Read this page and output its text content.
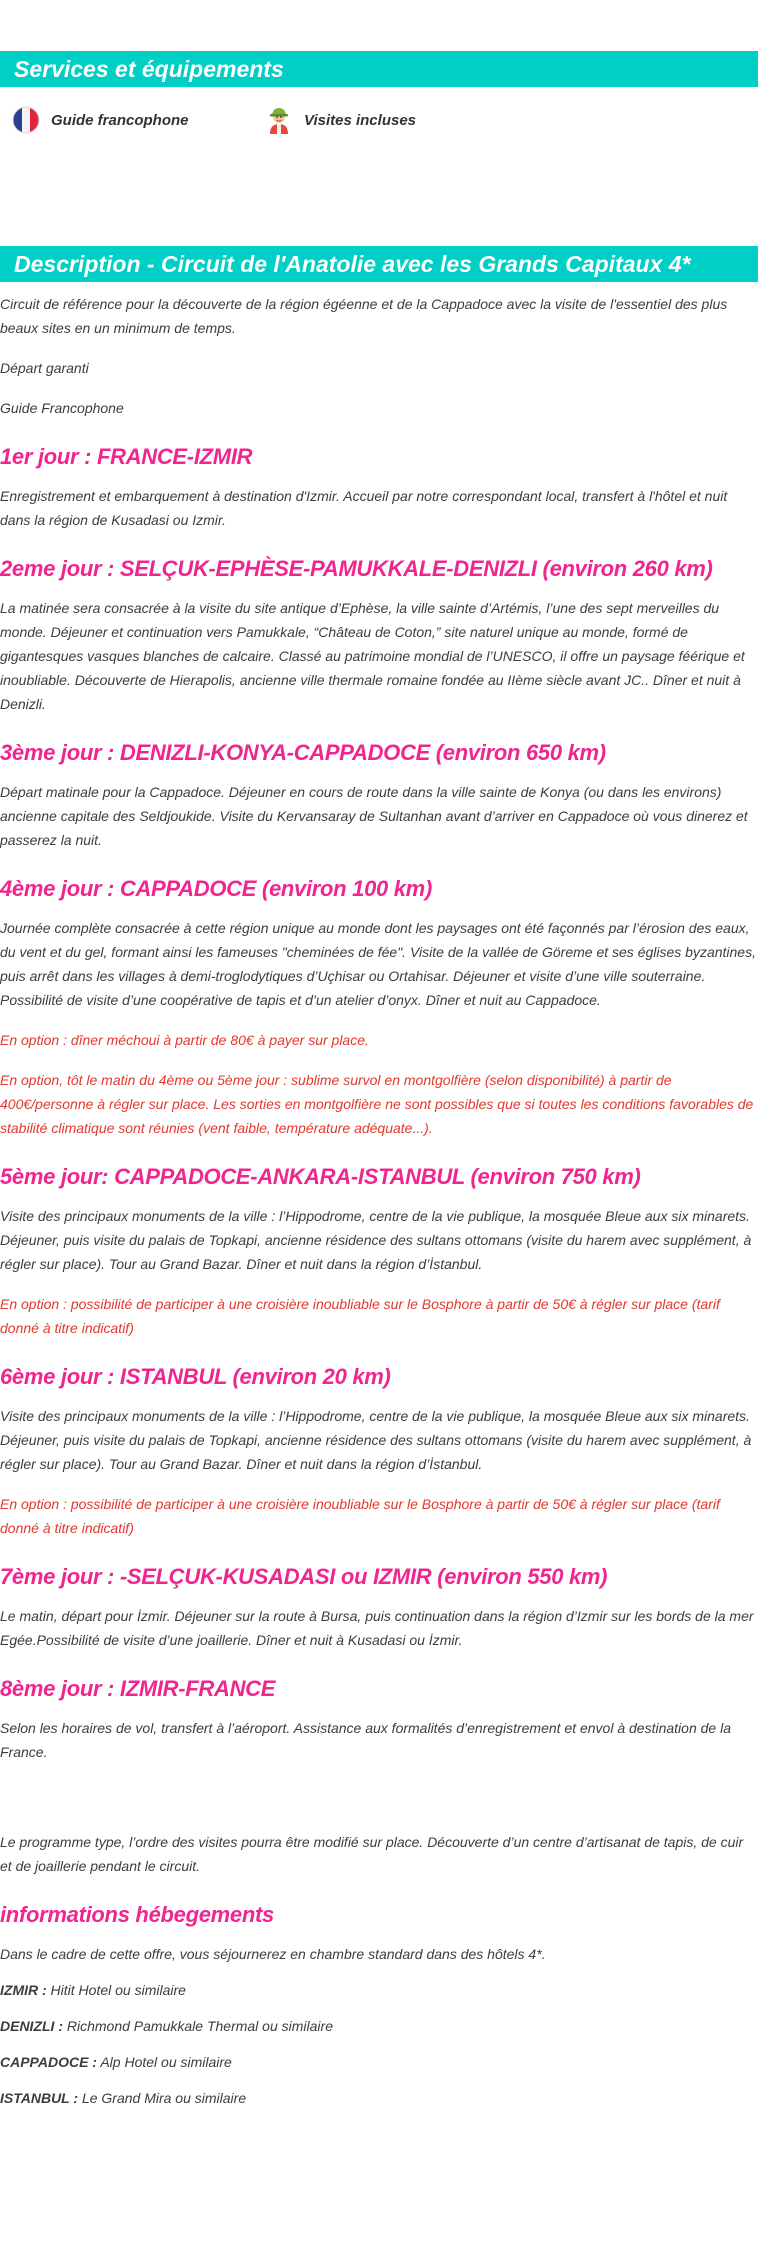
Services et équipements
Guide francophone	Visites incluses
Description - Circuit de l'Anatolie avec les Grands Capitaux 4*

Circuit de référence pour la découverte de la région égéenne et de la Cappadoce avec la visite de l'essentiel des plus beaux sites en un minimum de temps.

Départ garanti

Guide Francophone

1er jour : FRANCE-IZMIR

Enregistrement et embarquement à destination d'Izmir. Accueil par notre correspondant local, transfert à l'hôtel et nuit dans la région de Kusadasi ou Izmir.

2eme jour : SELÇUK-EPHÈSE-PAMUKKALE-DENIZLI (environ 260 km)

La matinée sera consacrée à la visite du site antique d’Ephèse, la ville sainte d’Artémis, l’une des sept merveilles du monde. Déjeuner et continuation vers Pamukkale, “Château de Coton,” site naturel unique au monde, formé de gigantesques vasques blanches de calcaire. Classé au patrimoine mondial de l’UNESCO, il offre un paysage féérique et inoubliable. Découverte de Hierapolis, ancienne ville thermale romaine fondée au IIème siècle avant JC.. Dîner et nuit à Denizli.

3ème jour : DENIZLI-KONYA-CAPPADOCE (environ 650 km)

Départ matinale pour la Cappadoce. Déjeuner en cours de route dans la ville sainte de Konya (ou dans les environs) ancienne capitale des Seldjoukide. Visite du Kervansaray de Sultanhan avant d’arriver en Cappadoce où vous dinerez et passerez la nuit.

4ème jour : CAPPADOCE (environ 100 km)

Journée complète consacrée à cette région unique au monde dont les paysages ont été façonnés par l’érosion des eaux, du vent et du gel, formant ainsi les fameuses "cheminées de fée". Visite de la vallée de Göreme et ses églises byzantines, puis arrêt dans les villages à demi-troglodytiques d’Uçhisar ou Ortahisar. Déjeuner et visite d’une ville souterraine. Possibilité de visite d’une coopérative de tapis et d’un atelier d’onyx. Dîner et nuit au Cappadoce.

En option : dîner méchoui à partir de 80€ à payer sur place.

En option, tôt le matin du 4ème ou 5ème jour : sublime survol en montgolfière (selon disponibilité) à partir de 400€/personne à régler sur place. Les sorties en montgolfière ne sont possibles que si toutes les conditions favorables de stabilité climatique sont réunies (vent faible, température adéquate...).

5ème jour: CAPPADOCE-ANKARA-ISTANBUL (environ 750 km)

Visite des principaux monuments de la ville : l’Hippodrome, centre de la vie publique, la mosquée Bleue aux six minarets. Déjeuner, puis visite du palais de Topkapi, ancienne résidence des sultans ottomans (visite du harem avec supplément, à régler sur place). Tour au Grand Bazar. Dîner et nuit dans la région d’İstanbul.

En option : possibilité de participer à une croisière inoubliable sur le Bosphore à partir de 50€ à régler sur place (tarif donné à titre indicatif)

6ème jour : ISTANBUL (environ 20 km)

Visite des principaux monuments de la ville : l’Hippodrome, centre de la vie publique, la mosquée Bleue aux six minarets. Déjeuner, puis visite du palais de Topkapi, ancienne résidence des sultans ottomans (visite du harem avec supplément, à régler sur place). Tour au Grand Bazar. Dîner et nuit dans la région d’İstanbul.

En option : possibilité de participer à une croisière inoubliable sur le Bosphore à partir de 50€ à régler sur place (tarif donné à titre indicatif)

7ème jour : -SELÇUK-KUSADASI ou IZMIR (environ 550 km)

Le matin, départ pour İzmir. Déjeuner sur la route à Bursa, puis continuation dans la région d’Izmir sur les bords de la mer Egée.Possibilité de visite d’une joaillerie. Dîner et nuit à Kusadasi ou İzmir.

8ème jour : IZMIR-FRANCE

Selon les horaires de vol, transfert à l’aéroport. Assistance aux formalités d’enregistrement et envol à destination de la France.

Le programme type, l’ordre des visites pourra être modifié sur place. Découverte d’un centre d’artisanat de tapis, de cuir et de joaillerie pendant le circuit.

informations hébegements

Dans le cadre de cette offre, vous séjournerez en chambre standard dans des hôtels 4*.

IZMIR : Hitit Hotel ou similaire

DENIZLI : Richmond Pamukkale Thermal ou similaire

CAPPADOCE : Alp Hotel ou similaire

ISTANBUL : Le Grand Mira ou similaire
